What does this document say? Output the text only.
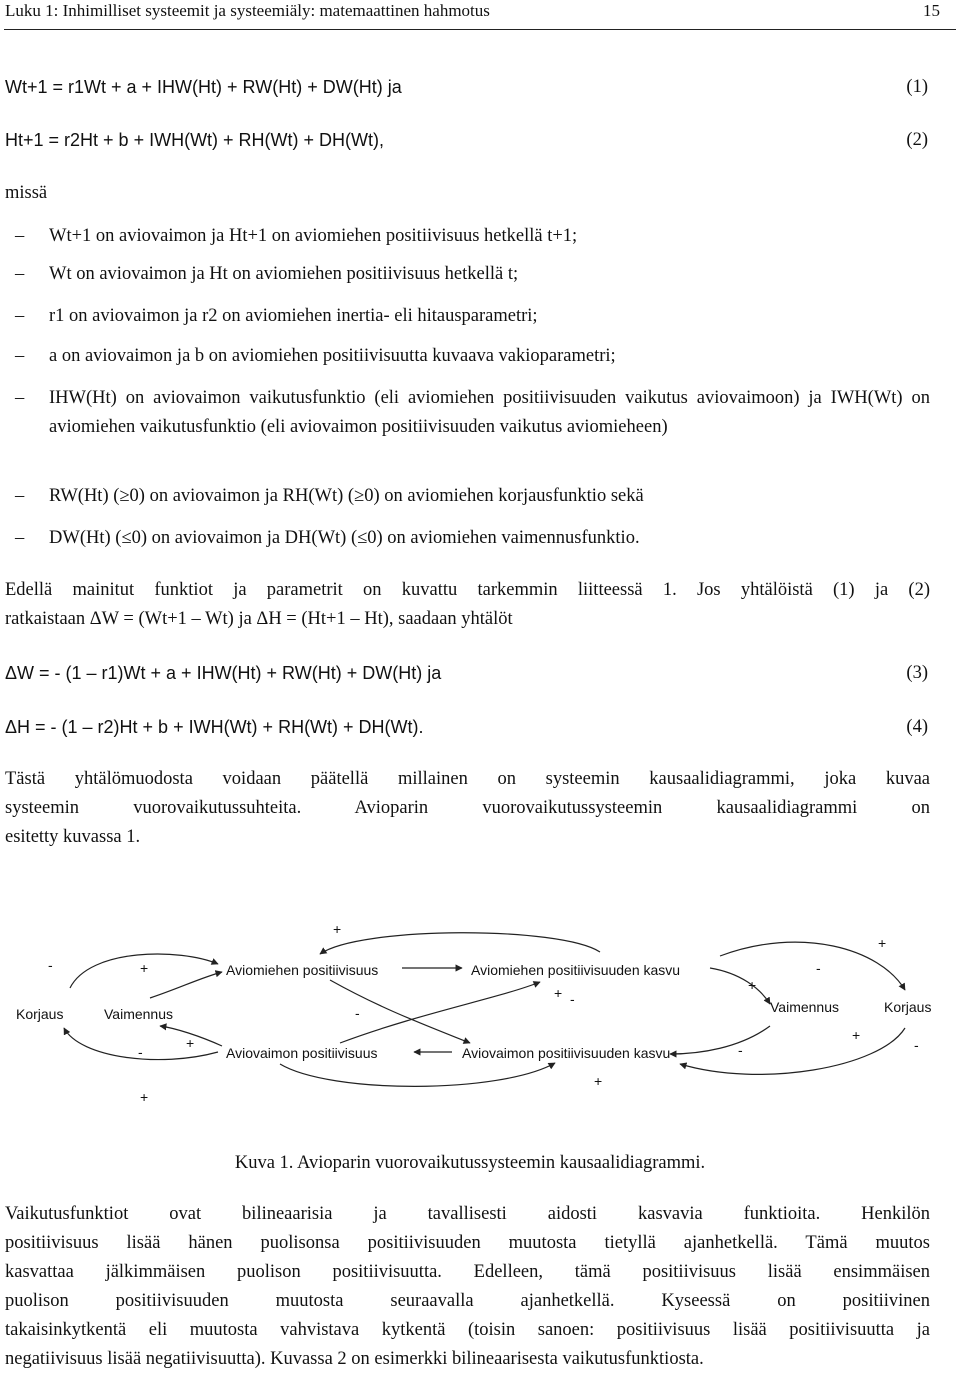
Luku 1: Inhimilliset systeemit ja systeemiäly: matemaattinen hahmotus	15
Wt+1 = r1Wt + a + IHW(Ht) + RW(Ht) + DW(Ht) ja	(1)
Ht+1 = r2Ht + b + IWH(Wt) + RH(Wt) + DH(Wt),	(2)
missä
–	Wt+1 on aviovaimon ja Ht+1 on aviomiehen positiivisuus hetkellä t+1;
–	Wt on aviovaimon ja Ht on aviomiehen positiivisuus hetkellä t;
–	r1 on aviovaimon ja r2 on aviomiehen inertia- eli hitausparametri;
–	a on aviovaimon ja b on aviomiehen positiivisuutta kuvaava vakioparametri;
–	IHW(Ht) on aviovaimon vaikutusfunktio (eli aviomiehen positiivisuuden vaikutus aviovaimoon) ja IWH(Wt) on aviomiehen vaikutusfunktio (eli aviovaimon positiivisuuden vaikutus aviomieheen)
–	RW(Ht) (≥0) on aviovaimon ja RH(Wt) (≥0) on aviomiehen korjausfunktio sekä
–	DW(Ht) (≤0) on aviovaimon ja DH(Wt) (≤0) on aviomiehen vaimennusfunktio.
Edellä mainitut funktiot ja parametrit on kuvattu tarkemmin liitteessä 1. Jos yhtälöistä (1) ja (2)
ratkaistaan ΔW = (Wt+1 – Wt) ja ΔH = (Ht+1 – Ht), saadaan yhtälöt
ΔW = - (1 – r1)Wt + a + IHW(Ht) + RW(Ht) + DW(Ht) ja	(3)
ΔH = - (1 – r2)Ht + b + IWH(Wt) + RH(Wt) + DH(Wt).	(4)
Tästä yhtälömuodosta voidaan päätellä millainen on systeemin kausaalidiagrammi, joka kuvaa
systeemin vuorovaikutussuhteita. Avioparin vuorovaikutussysteemin kausaalidiagrammi on
esitetty kuvassa 1.
Korjaus	Vaimennus
Aviomiehen positiivisuus	Aviomiehen positiivisuuden kasvu
Aviovaimon positiivisuus	Aviovaimon positiivisuuden kasvu
Vaimennus	Korjaus
+
+
-	+	-
+
-
-
-
+	-
+
+
+
-
+
Kuva 1. Avioparin vuorovaikutussysteemin kausaalidiagrammi.
Vaikutusfunktiot ovat bilineaarisia ja tavallisesti aidosti kasvavia funktioita. Henkilön
positiivisuus lisää hänen puolisonsa positiivisuuden muutosta tietyllä ajanhetkellä. Tämä muutos
kasvattaa jälkimmäisen puolison positiivisuutta. Edelleen, tämä positiivisuus lisää ensimmäisen
puolison positiivisuuden muutosta seuraavalla ajanhetkellä. Kyseessä on positiivinen
takaisinkytkentä eli muutosta vahvistava kytkentä (toisin sanoen: positiivisuus lisää positiivisuutta ja
negatiivisuus lisää negatiivisuutta). Kuvassa 2 on esimerkki bilineaarisesta vaikutusfunktiosta.
